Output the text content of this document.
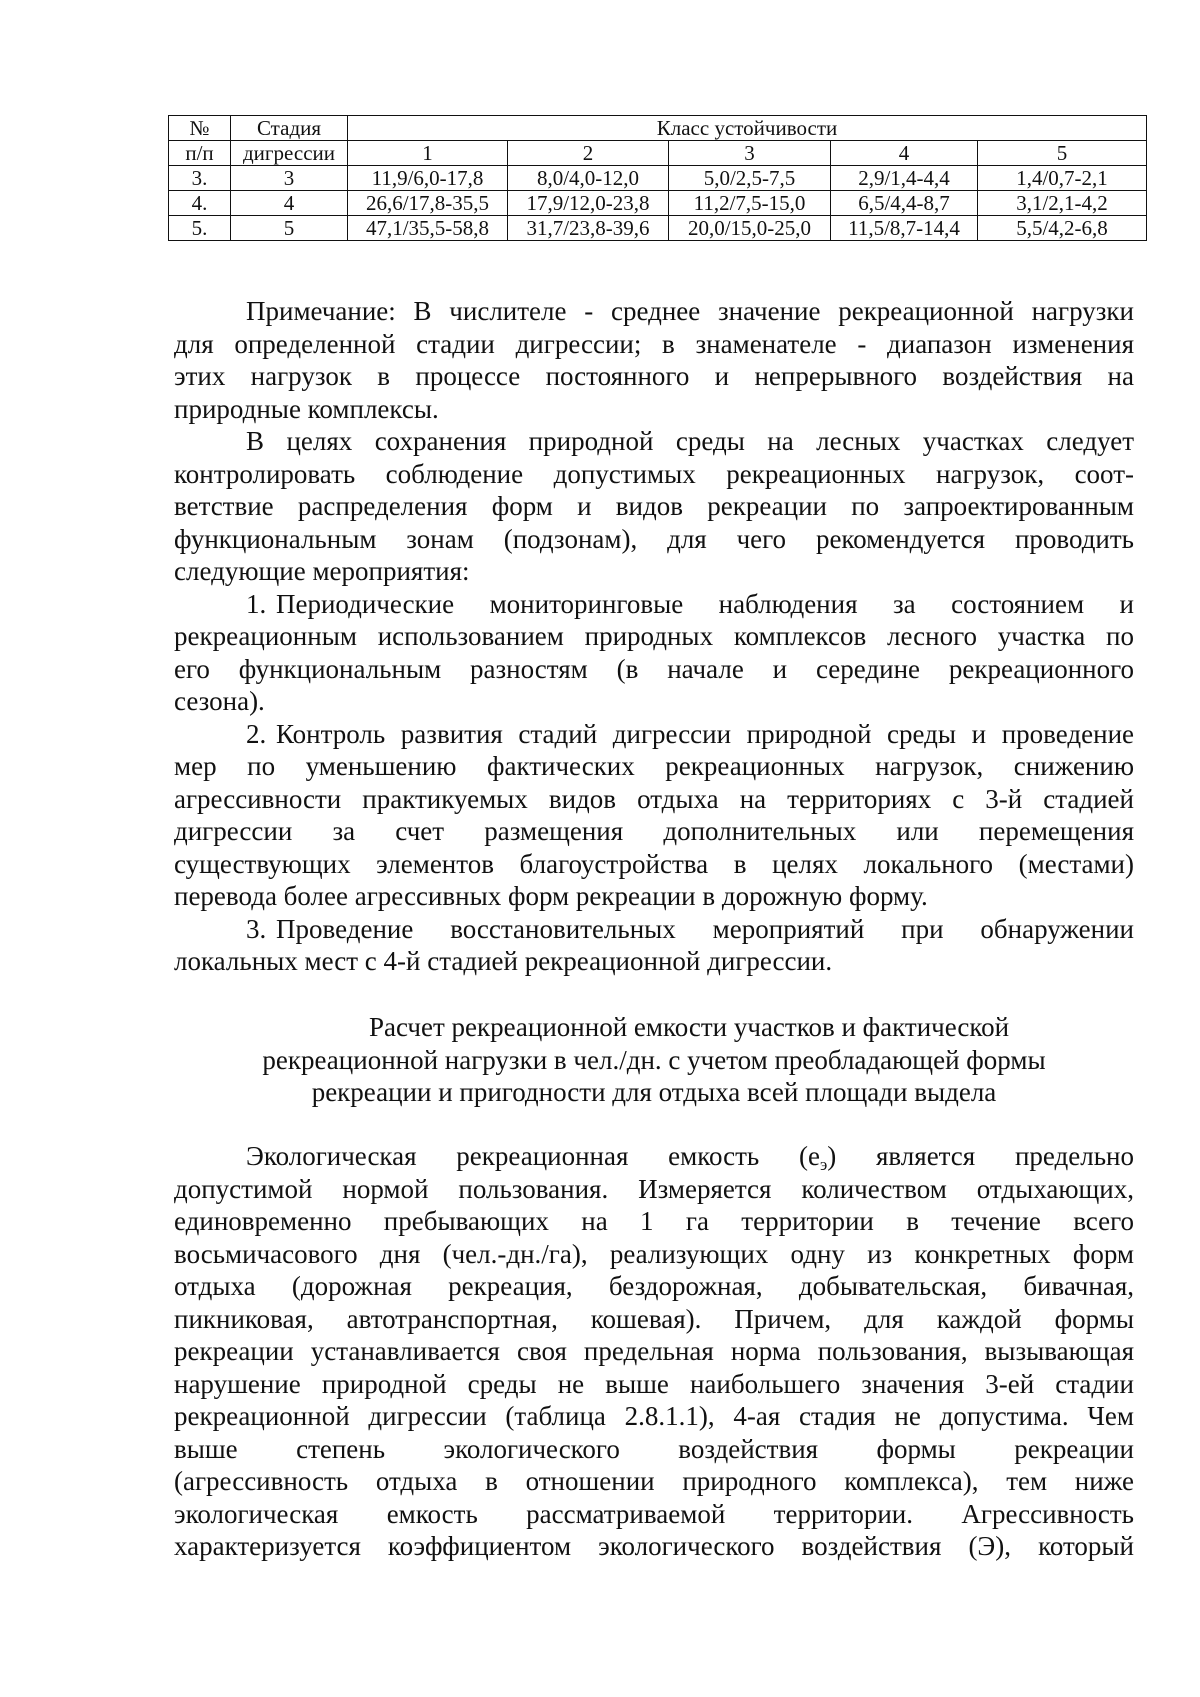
№	Стадия	Класс устойчивости				
п/п	дигрессии	1	2	3	4	5
3.	3	11,9/6,0-17,8	8,0/4,0-12,0	5,0/2,5-7,5	2,9/1,4-4,4	1,4/0,7-2,1
4.	4	26,6/17,8-35,5	17,9/12,0-23,8	11,2/7,5-15,0	6,5/4,4-8,7	3,1/2,1-4,2
5.	5	47,1/35,5-58,8	31,7/23,8-39,6	20,0/15,0-25,0	11,5/8,7-14,4	5,5/4,2-6,8
Примечание: В числителе - среднее значение рекреационной нагрузки
для определенной стадии дигрессии; в знаменателе - диапазон изменения
этих нагрузок в процессе постоянного и непрерывного воздействия на
природные комплексы.
В целях сохранения природной среды на лесных участках следует
контролировать соблюдение допустимых рекреационных нагрузок, соот-
ветствие распределения форм и видов рекреации по запроектированным
функциональным зонам (подзонам), для чего рекомендуется проводить
следующие мероприятия:
1. Периодические мониторинговые наблюдения за состоянием и
рекреационным использованием природных комплексов лесного участка по
его функциональным разностям (в начале и середине рекреационного
сезона).
2. Контроль развития стадий дигрессии природной среды и проведение
мер по уменьшению фактических рекреационных нагрузок, снижению
агрессивности практикуемых видов отдыха на территориях с 3-й стадией
дигрессии за счет размещения дополнительных или перемещения
существующих элементов благоустройства в целях локального (местами)
перевода более агрессивных форм рекреации в дорожную форму.
3. Проведение восстановительных мероприятий при обнаружении
локальных мест с 4-й стадией рекреационной дигрессии.
Расчет рекреационной емкости участков и фактической
рекреационной нагрузки в чел./дн. с учетом преобладающей формы
рекреации и пригодности для отдыха всей площади выдела
Экологическая рекреационная емкость (еэ) является предельно
допустимой нормой пользования. Измеряется количеством отдыхающих,
единовременно пребывающих на 1 га территории в течение всего
восьмичасового дня (чел.-дн./га), реализующих одну из конкретных форм
отдыха (дорожная рекреация, бездорожная, добывательская, бивачная,
пикниковая, автотранспортная, кошевая). Причем, для каждой формы
рекреации устанавливается своя предельная норма пользования, вызывающая
нарушение природной среды не выше наибольшего значения 3-ей стадии
рекреационной дигрессии (таблица 2.8.1.1), 4-ая стадия не допустима. Чем
выше степень экологического воздействия формы рекреации
(агрессивность отдыха в отношении природного комплекса), тем ниже
экологическая емкость рассматриваемой территории. Агрессивность
характеризуется коэффициентом экологического воздействия (Э), который
